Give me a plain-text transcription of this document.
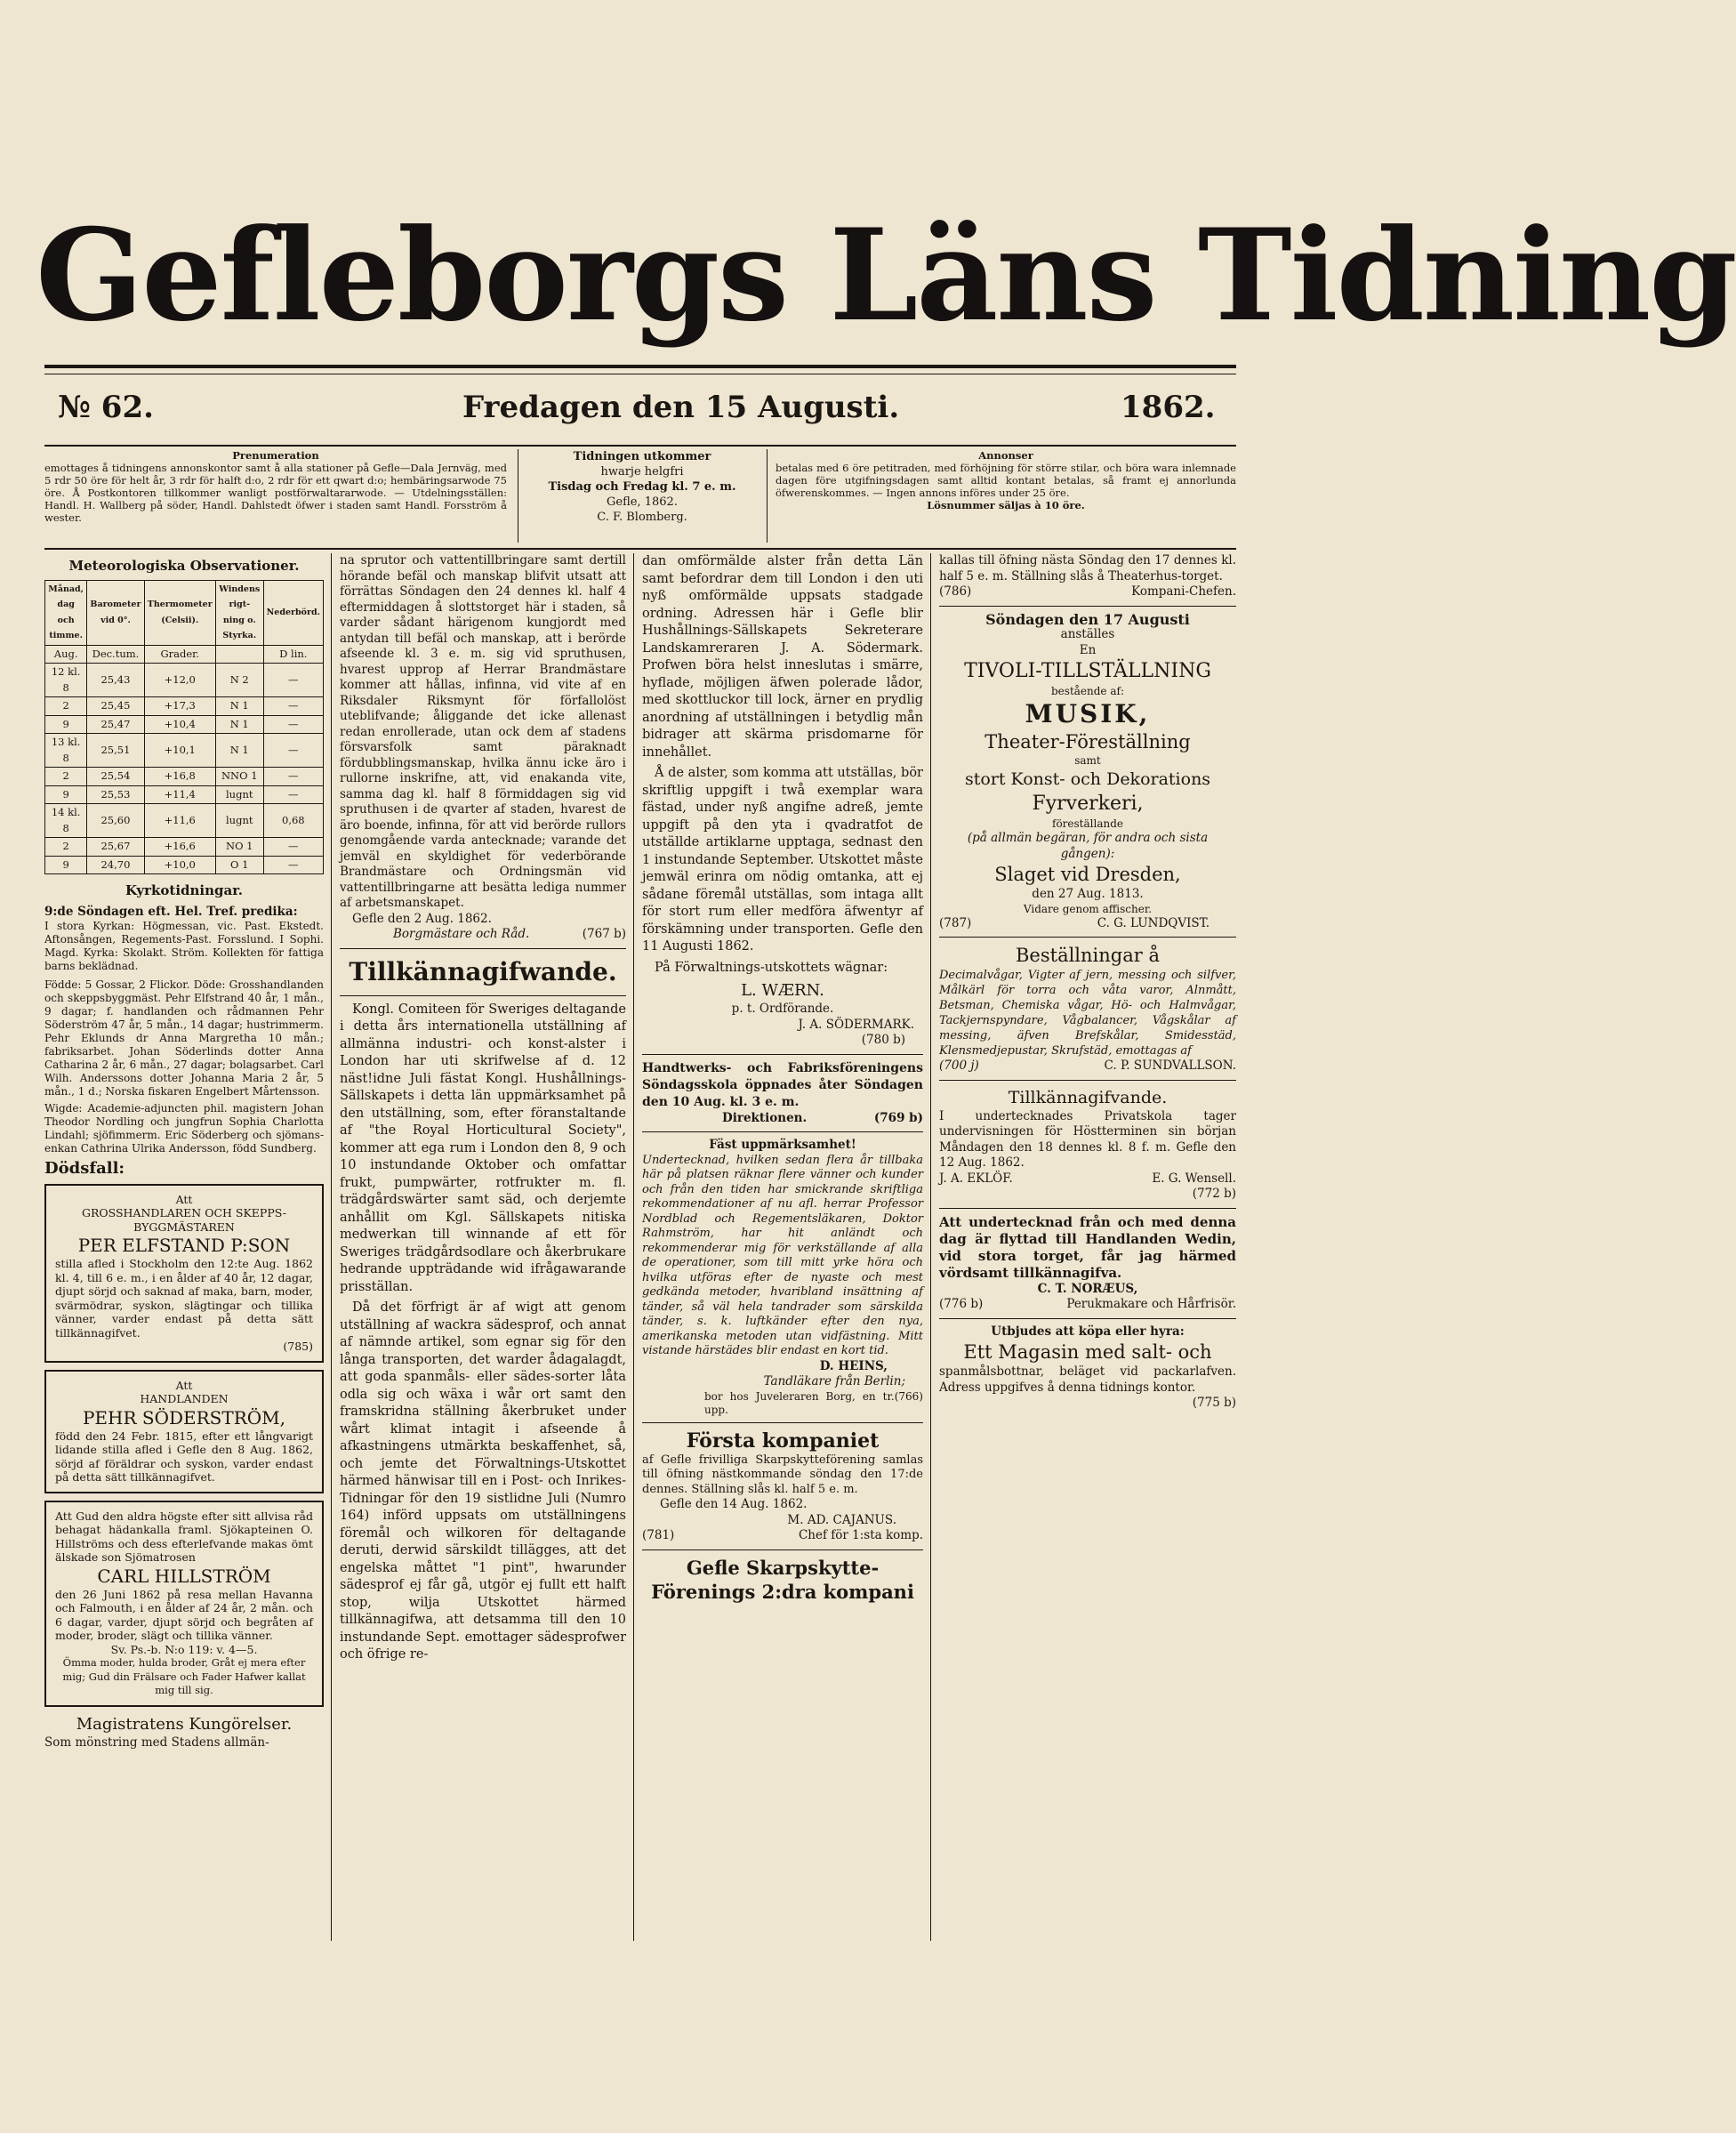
Gefleborgs Läns Tidning
№ 62.	Fredagen den 15 Augusti.	1862.
Prenumeration
emottages å tidningens annonskontor samt å alla stationer på Gefle—Dala Jernväg, med 5 rdr 50 öre för helt år, 3 rdr för halft d:o, 2 rdr för ett qwart d:o; hembäringsarwode 75 öre. Å Postkontoren tillkommer wanligt postförwaltararwode. — Utdelningsställen: Handl. H. Wallberg på söder, Handl. Dahlstedt öfwer i staden samt Handl. Forsström å wester.
Tidningen utkommer
hwarje helgfri
Tisdag och Fredag kl. 7 e. m.
Gefle, 1862.
C. F. Blomberg.
Annonser
betalas med 6 öre petitraden, med förhöjning för större stilar, och böra wara inlemnade dagen före utgifningsdagen samt alltid kontant betalas, så framt ej annorlunda öfwerenskommes. — Ingen annons införes under 25 öre.
Lösnummer säljas à 10 öre.
Meteorologiska Observationer.
Månad, dag och timme.	Barometer vid 0°.	Thermometer (Celsii).	Windens rigt-ning o. Styrka.	Nederbörd.
Aug.	Dec.tum.	Grader.		D lin.
12 kl. 8	25,43	+12,0	N 2	—
2	25,45	+17,3	N 1	—
9	25,47	+10,4	N 1	—
13 kl. 8	25,51	+10,1	N 1	—
2	25,54	+16,8	NNO 1	—
9	25,53	+11,4	lugnt	—
14 kl. 8	25,60	+11,6	lugnt	0,68
2	25,67	+16,6	NO 1	—
9	24,70	+10,0	O 1	—
Kyrkotidningar.
9:de Söndagen eft. Hel. Tref. predika:
I stora Kyrkan: Högmessan, vic. Past. Ekstedt. Aftonsången, Regements-Past. Forsslund. I Sophi. Magd. Kyrka: Skolakt. Ström. Kollekten för fattiga barns beklädnad.
Födde: 5 Gossar, 2 Flickor. Döde: Grosshandlanden och skeppsbyggmäst. Pehr Elfstrand 40 år, 1 mån., 9 dagar; f. handlanden och rådmannen Pehr Söderström 47 år, 5 mån., 14 dagar; hustrimmerm. Pehr Eklunds dr Anna Margretha 10 mån.; fabriksarbet. Johan Söderlinds dotter Anna Catharina 2 år, 6 mån., 27 dagar; bolagsarbet. Carl Wilh. Anderssons dotter Johanna Maria 2 år, 5 mån., 1 d.; Norska fiskaren Engelbert Mårtensson.
Wigde: Academie-adjuncten phil. magistern Johan Theodor Nordling och jungfrun Sophia Charlotta Lindahl; sjöfimmerm. Eric Söderberg och sjömans-enkan Cathrina Ulrika Andersson, född Sundberg.
Dödsfall:
Att
GROSSHANDLAREN OCH SKEPPS-BYGGMÄSTAREN
PER ELFSTAND P:SON
stilla afled i Stockholm den 12:te Aug. 1862 kl. 4, till 6 e. m., i en ålder af 40 år, 12 dagar, djupt sörjd och saknad af maka, barn, moder, svärmödrar, syskon, slägtingar och tillika vänner, varder endast på detta sätt tillkännagifvet.
(785)
Att
HANDLANDEN
PEHR SÖDERSTRÖM,
född den 24 Febr. 1815, efter ett långvarigt lidande stilla afled i Gefle den 8 Aug. 1862, sörjd af föräldrar och syskon, varder endast på detta sätt tillkännagifvet.
Att Gud den aldra högste efter sitt allvisa råd behagat hädankalla framl. Sjökapteinen O. Hillströms och dess efterlefvande makas ömt älskade son Sjömatrosen
CARL HILLSTRÖM
den 26 Juni 1862 på resa mellan Havanna och Falmouth, i en ålder af 24 år, 2 mån. och 6 dagar, varder, djupt sörjd och begråten af moder, broder, slägt och tillika vänner.
Sv. Ps.-b. N:o 119: v. 4—5.
Ömma moder, hulda broder, Gråt ej mera efter mig; Gud din Frälsare och Fader Hafwer kallat mig till sig.
Magistratens Kungörelser.
Som mönstring med Stadens allmän-
na sprutor och vattentillbringare samt dertill hörande befäl och manskap blifvit utsatt att förrättas Söndagen den 24 dennes kl. half 4 eftermiddagen å slottstorget här i staden, så varder sådant härigenom kungjordt med antydan till befäl och manskap, att i berörde afseende kl. 3 e. m. sig vid spruthusen, hvarest upprop af Herrar Brandmästare kommer att hållas, infinna, vid vite af en Riksdaler Riksmynt för förfallolöst uteblifvande; åliggande det icke allenast redan enrollerade, utan ock dem af stadens försvarsfolk samt päraknadt fördubblingsmanskap, hvilka ännu icke äro i rullorne inskrifne, att, vid enakanda vite, samma dag kl. half 8 förmiddagen sig vid spruthusen i de qvarter af staden, hvarest de äro boende, infinna, för att vid berörde rullors genomgående varda antecknade; varande det jemväl en skyldighet för vederbörande Brandmästare och Ordningsmän vid vattentillbringarne att besätta lediga nummer af arbetsmanskapet.
Gefle den 2 Aug. 1862.
Borgmästare och Råd.	(767 b)
Tillkännagifwande.

Kongl. Comiteen för Sweriges deltagande i detta års internationella utställning af allmänna industri- och konst-alster i London har uti skrifwelse af d. 12 näst!idne Juli fästat Kongl. Hushållnings-Sällskapets i detta län uppmärksamhet på den utställning, som, efter föranstaltande af "the Royal Horticultural Society", kommer att ega rum i London den 8, 9 och 10 instundande Oktober och omfattar frukt, pumpwärter, rotfrukter m. fl. trädgårdswärter samt säd, och derjemte anhållit om Kgl. Sällskapets nitiska medwerkan till winnande af ett för Sweriges trädgårdsodlare och åkerbrukare hedrande uppträdande wid ifrågawarande prisställan.

Då det förfrigt är af wigt att genom utställning af wackra sädesprof, och annat af nämnde artikel, som egnar sig för den långa transporten, det warder ådagalagdt, att goda spanmåls- eller sädes-sorter låta odla sig och wäxa i wår ort samt den framskridna ställning åkerbruket under wårt klimat intagit i afseende å afkastningens utmärkta beskaffenhet, så, och jemte det Förwaltnings-Utskottet härmed hänwisar till en i Post- och Inrikes-Tidningar för den 19 sistlidne Juli (Numro 164) införd uppsats om utställningens föremål och wilkoren för deltagande deruti, derwid särskildt tillägges, att det engelska måttet "1 pint", hwarunder sädesprof ej får gå, utgör ej fullt ett halft stop, wilja Utskottet härmed tillkännagifwa, att detsamma till den 10 instundande Sept. emottager sädesprofwer och öfrige re-

dan omförmälde alster från detta Län samt befordrar dem till London i den uti nyß omförmälde uppsats stadgade ordning. Adressen här i Gefle blir Hushållnings-Sällskapets Sekreterare Landskamreraren J. A. Södermark. Profwen böra helst inneslutas i smärre, hyflade, möjligen äfwen polerade lådor, med skottluckor till lock, ärner en prydlig anordning af utställningen i betydlig mån bidrager att skärma prisdomarne för innehållet.

Å de alster, som komma att utställas, bör skriftlig uppgift i twå exemplar wara fästad, under nyß angifne adreß, jemte uppgift på den yta i qvadratfot de utställde artiklarne upptaga, sednast den 1 instundande September. Utskottet måste jemwäl erinra om nödig omtanka, att ej sådane föremål utställas, som intaga allt för stort rum eller medföra äfwentyr af förskämning under transporten. Gefle den 11 Augusti 1862.

På Förwaltnings-utskottets wägnar:

L. WÆRN.
p. t. Ordförande.
J. A. SÖDERMARK.
(780 b)
Handtwerks- och Fabriksföreningens Söndagsskola öppnades åter Söndagen den 10 Aug. kl. 3 e. m.
Direktionen.	(769 b)
Fäst uppmärksamhet!
Undertecknad, hvilken sedan flera år tillbaka här på platsen räknar flere vänner och kunder och från den tiden har smickrande skriftliga rekommendationer af nu afl. herrar Professor Nordblad och Regementsläkaren, Doktor Rahmström, har hit anländt och rekommenderar mig för verkställande af alla de operationer, som till mitt yrke höra och hvilka utföras efter de nyaste och mest gedkända metoder, hvaribland insättning af tänder, så väl hela tandrader som särskilda tänder, s. k. luftkänder efter den nya, amerikanska metoden utan vidfästning. Mitt vistande härstädes blir endast en kort tid.
D. HEINS,
Tandläkare från Berlin;
bor hos Juveleraren Borg, en tr. upp.
(766)
Första kompaniet
af Gefle frivilliga Skarpskytteförening samlas till öfning nästkommande söndag den 17:de dennes. Ställning slås kl. half 5 e. m.
Gefle den 14 Aug. 1862.
M. AD. CAJANUS.
(781)	Chef för 1:sta komp.
Gefle Skarpskytte-Förenings 2:dra kompani
kallas till öfning nästa Söndag den 17 dennes kl. half 5 e. m. Ställning slås å Theaterhus-torget.
(786)	Kompani-Chefen.
Söndagen den 17 Augusti
anställes
En
TIVOLI-TILLSTÄLLNING
bestående af:
MUSIK,
Theater-Föreställning
samt
stort Konst- och Dekorations
Fyrverkeri,
föreställande
(på allmän begäran, för andra och sista gången):
Slaget vid Dresden,
den 27 Aug. 1813.
Vidare genom affischer.
(787)	C. G. LUNDQVIST.
Beställningar å
Decimalvågar, Vigter af jern, messing och silfver, Målkärl för torra och våta varor, Alnmått, Betsman, Chemiska vågar, Hö- och Halmvågar, Tackjernspyndare, Vågbalancer, Vågskålar af messing, äfven Brefskålar, Smidesstäd, Klensmedjepustar, Skrufstäd, emottagas af
(700 j)	C. P. SUNDVALLSON.
Tillkännagifvande.
I undertecknades Privatskola tager undervisningen för Höstterminen sin början Måndagen den 18 dennes kl. 8 f. m. Gefle den 12 Aug. 1862.
J. A. EKLÖF.	E. G. Wensell.
(772 b)
Att undertecknad från och med denna dag är flyttad till Handlanden Wedin, vid stora torget, får jag härmed vördsamt tillkännagifva.
C. T. NORÆUS,
(776 b)	Perukmakare och Hårfrisör.
Utbjudes att köpa eller hyra:
Ett Magasin med salt- och
spanmålsbottnar, beläget vid packarlafven. Adress uppgifves å denna tidnings kontor.
(775 b)
